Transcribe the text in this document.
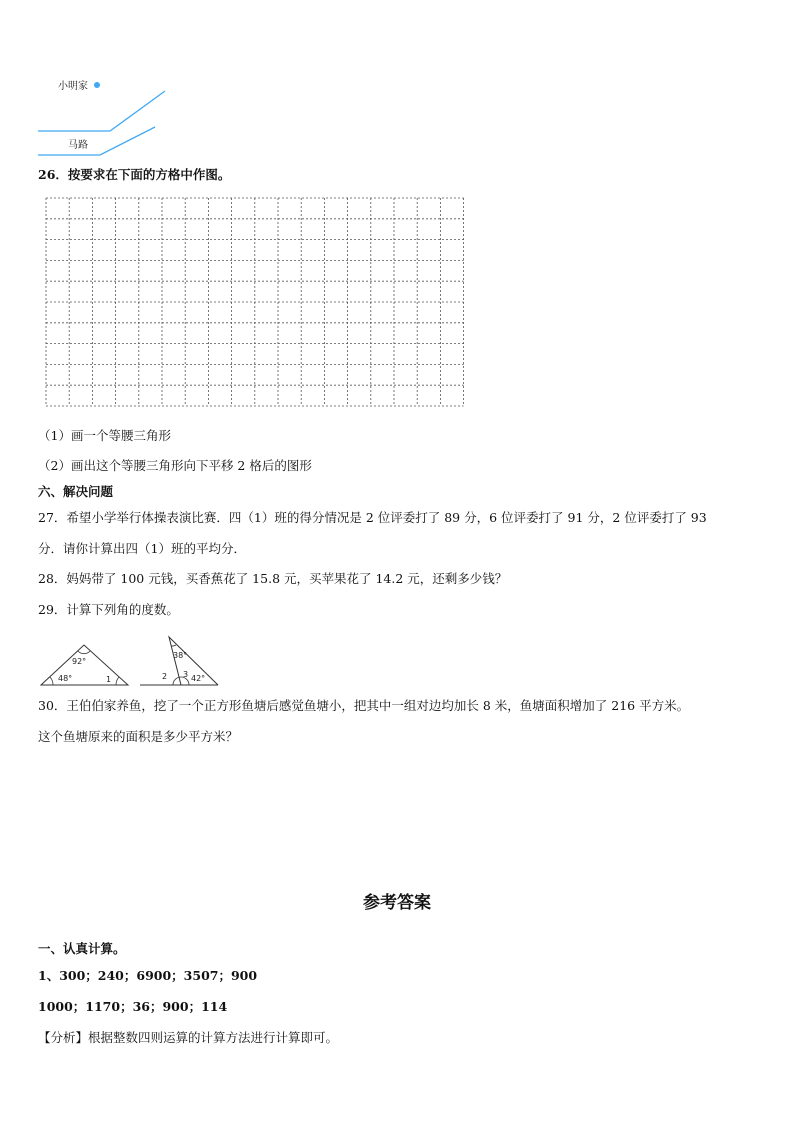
小明家
马路
26．按要求在下面的方格中作图。
（1）画一个等腰三角形
（2）画出这个等腰三角形向下平移 2 格后的图形
六、解决问题
27．希望小学举行体操表演比赛．四（1）班的得分情况是 2 位评委打了 89 分，6 位评委打了 91 分，2 位评委打了 93
分．请你计算出四（1）班的平均分．
28．妈妈带了 100 元钱，买香蕉花了 15.8 元，买苹果花了 14.2 元，还剩多少钱？
29．计算下列角的度数。
92°
48°	1
38°
2 3 42°
30．王伯伯家养鱼，挖了一个正方形鱼塘后感觉鱼塘小，把其中一组对边均加长 8 米，鱼塘面积增加了 216 平方米。
这个鱼塘原来的面积是多少平方米？
参考答案
一、认真计算。
1、300；240；6900；3507；900
1000；1170；36；900；114
【分析】根据整数四则运算的计算方法进行计算即可。
